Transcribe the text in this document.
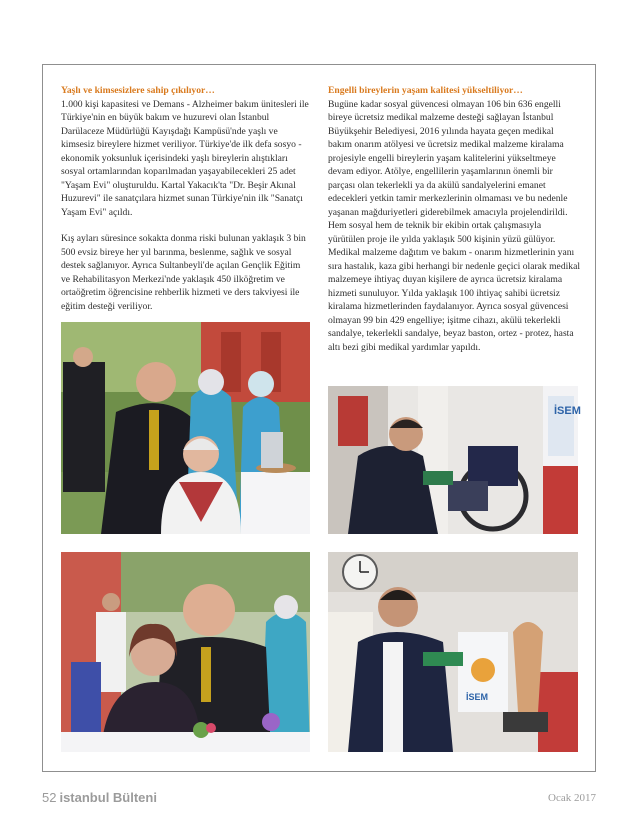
Yaşlı ve kimsesizlere sahip çıkılıyor…

1.000 kişi kapasitesi ve Demans - Alzheimer bakım ünitesleri ile Türkiye'nin en büyük bakım ve huzurevi olan İstanbul Darülaceze Müdürlüğü Kayışdağı Kampüsü'nde yaşlı ve kimsesiz bireylere hizmet veriliyor. Türkiye'de ilk defa sosyo - ekonomik yoksunluk içerisindeki yaşlı bireylerin alıştıkları sosyal ortamlarından koparılmadan yaşayabilecekleri 25 adet "Yaşam Evi" oluşturuldu. Kartal Yakacık'ta "Dr. Beşir Akınal Huzurevi" ile sanatçılara hizmet sunan Türkiye'nin ilk "Sanatçı Yaşam Evi" açıldı.

Kış ayları süresince sokakta donma riski bulunan yaklaşık 3 bin 500 evsiz bireye her yıl barınma, beslenme, sağlık ve sosyal destek sağlanıyor. Ayrıca Sultanbeyli'de açılan Gençlik Eğitim ve Rehabilitasyon Merkezi'nde yaklaşık 450 ilköğretim ve ortaöğretim öğrencisine rehberlik hizmeti ve ders takviyesi ile eğitim desteği veriliyor.

Engelli bireylerin yaşam kalitesi yükseltiliyor…

Bugüne kadar sosyal güvencesi olmayan 106 bin 636 engelli bireye ücretsiz medikal malzeme desteği sağlayan İstanbul Büyükşehir Belediyesi, 2016 yılında hayata geçen medikal bakım onarım atölyesi ve ücretsiz medikal malzeme kiralama projesiyle engelli bireylerin yaşam kalitelerini yükseltmeye devam ediyor. Atölye, engellilerin yaşamlarının önemli bir parçası olan tekerlekli ya da akülü sandalyelerini emanet edecekleri yetkin tamir merkezlerinin olmaması ve bu nedenle yaşanan mağduriyetleri giderebilmek amacıyla projelendirildi. Hem sosyal hem de teknik bir ekibin ortak çalışmasıyla yürütülen proje ile yılda yaklaşık 500 kişinin yüzü gülüyor. Medikal malzeme dağıtım ve bakım - onarım hizmetlerinin yanı sıra hastalık, kaza gibi herhangi bir nedenle geçici olarak medikal malzemeye ihtiyaç duyan kişilere de ayrıca ücretsiz kiralama hizmeti sunuluyor. Yılda yaklaşık 100 ihtiyaç sahibi ücretsiz kiralama hizmetlerinden faydalanıyor. Ayrıca sosyal güvencesi olmayan 99 bin 429 engelliye; işitme cihazı, akülü tekerlekli sandalye, tekerlekli sandalye, beyaz baston, ortez - protez, hasta altı bezi gibi medikal yardımlar yapıldı.

İSEM
İSEM
52 istanbul Bülteni	Ocak 2017
